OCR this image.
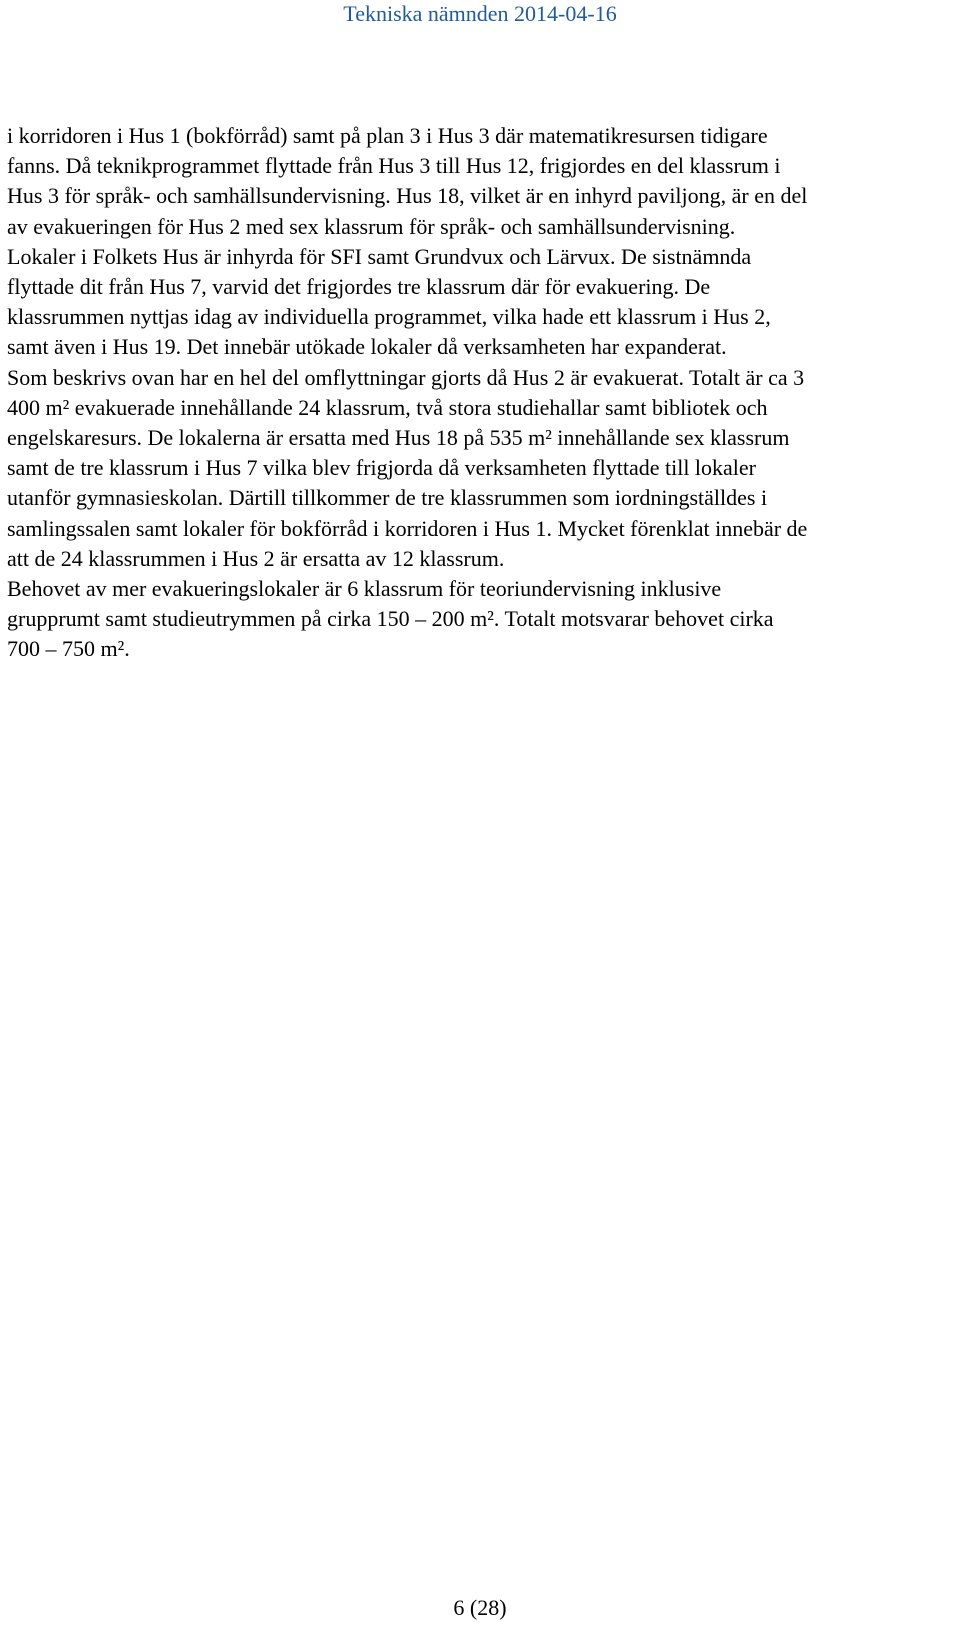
Tekniska nämnden 2014-04-16
i korridoren i Hus 1 (bokförråd) samt på plan 3 i Hus 3 där matematikresursen tidigare
fanns. Då teknikprogrammet flyttade från Hus 3 till Hus 12, frigjordes en del klassrum i
Hus 3 för språk- och samhällsundervisning. Hus 18, vilket är en inhyrd paviljong, är en del
av evakueringen för Hus 2 med sex klassrum för språk- och samhällsundervisning.
Lokaler i Folkets Hus är inhyrda för SFI samt Grundvux och Lärvux. De sistnämnda
flyttade dit från Hus 7, varvid det frigjordes tre klassrum där för evakuering. De
klassrummen nyttjas idag av individuella programmet, vilka hade ett klassrum i Hus 2,
samt även i Hus 19. Det innebär utökade lokaler då verksamheten har expanderat.
Som beskrivs ovan har en hel del omflyttningar gjorts då Hus 2 är evakuerat. Totalt är ca 3
400 m² evakuerade innehållande 24 klassrum, två stora studiehallar samt bibliotek och
engelskaresurs. De lokalerna är ersatta med Hus 18 på 535 m² innehållande sex klassrum
samt de tre klassrum i Hus 7 vilka blev frigjorda då verksamheten flyttade till lokaler
utanför gymnasieskolan. Därtill tillkommer de tre klassrummen som iordningställdes i
samlingssalen samt lokaler för bokförråd i korridoren i Hus 1. Mycket förenklat innebär de
att de 24 klassrummen i Hus 2 är ersatta av 12 klassrum.
Behovet av mer evakueringslokaler är 6 klassrum för teoriundervisning inklusive
grupprumt samt studieutrymmen på cirka 150 – 200 m². Totalt motsvarar behovet cirka
700 – 750 m².
6 (28)
